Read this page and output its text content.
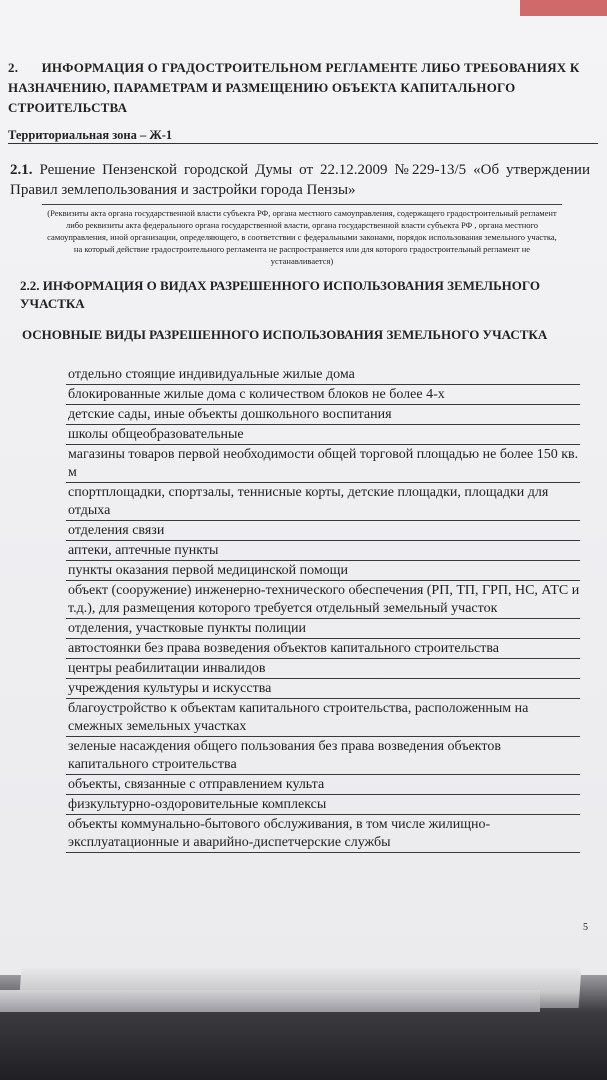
2. ИНФОРМАЦИЯ О ГРАДОСТРОИТЕЛЬНОМ РЕГЛАМЕНТЕ ЛИБО ТРЕБОВАНИЯХ К НАЗНАЧЕНИЮ, ПАРАМЕТРАМ И РАЗМЕЩЕНИЮ ОБЪЕКТА КАПИТАЛЬНОГО СТРОИТЕЛЬСТВА
Территориальная зона – Ж-1
2.1. Решение Пензенской городской Думы от 22.12.2009 №229-13/5 «Об утверждении Правил землепользования и застройки города Пензы»
(Реквизиты акта органа государственной власти субъекта РФ, органа местного самоуправления, содержащего градостроительный регламент либо реквизиты акта федерального органа государственной власти, органа государственной власти субъекта РФ , органа местного самоуправления, иной организации, определяющего, в соответствии с федеральными законами, порядок использования земельного участка, на который действие градостроительного регламента не распространяется или для которого градостроительный регламент не устанавливается)
2.2. ИНФОРМАЦИЯ О ВИДАХ РАЗРЕШЕННОГО ИСПОЛЬЗОВАНИЯ ЗЕМЕЛЬНОГО УЧАСТКА
ОСНОВНЫЕ ВИДЫ РАЗРЕШЕННОГО ИСПОЛЬЗОВАНИЯ ЗЕМЕЛЬНОГО УЧАСТКА
отдельно стоящие индивидуальные жилые дома
блокированные жилые дома с количеством блоков не более 4-х
детские сады, иные объекты дошкольного воспитания
школы общеобразовательные
магазины товаров первой необходимости общей торговой площадью не более 150 кв. м
спортплощадки, спортзалы, теннисные корты, детские площадки, площадки для отдыха
отделения связи
аптеки, аптечные пункты
пункты оказания первой медицинской помощи
объект (сооружение) инженерно-технического обеспечения (РП, ТП, ГРП, НС, АТС и т.д.), для размещения которого требуется отдельный земельный участок
отделения, участковые пункты полиции
автостоянки без права возведения объектов капитального строительства
центры реабилитации инвалидов
учреждения культуры и искусства
благоустройство к объектам капитального строительства, расположенным на смежных земельных участках
зеленые насаждения общего пользования без права возведения объектов капитального строительства
объекты, связанные с отправлением культа
физкультурно-оздоровительные комплексы
объекты коммунально-бытового обслуживания, в том числе жилищно-эксплуатационные и аварийно-диспетчерские службы
5
